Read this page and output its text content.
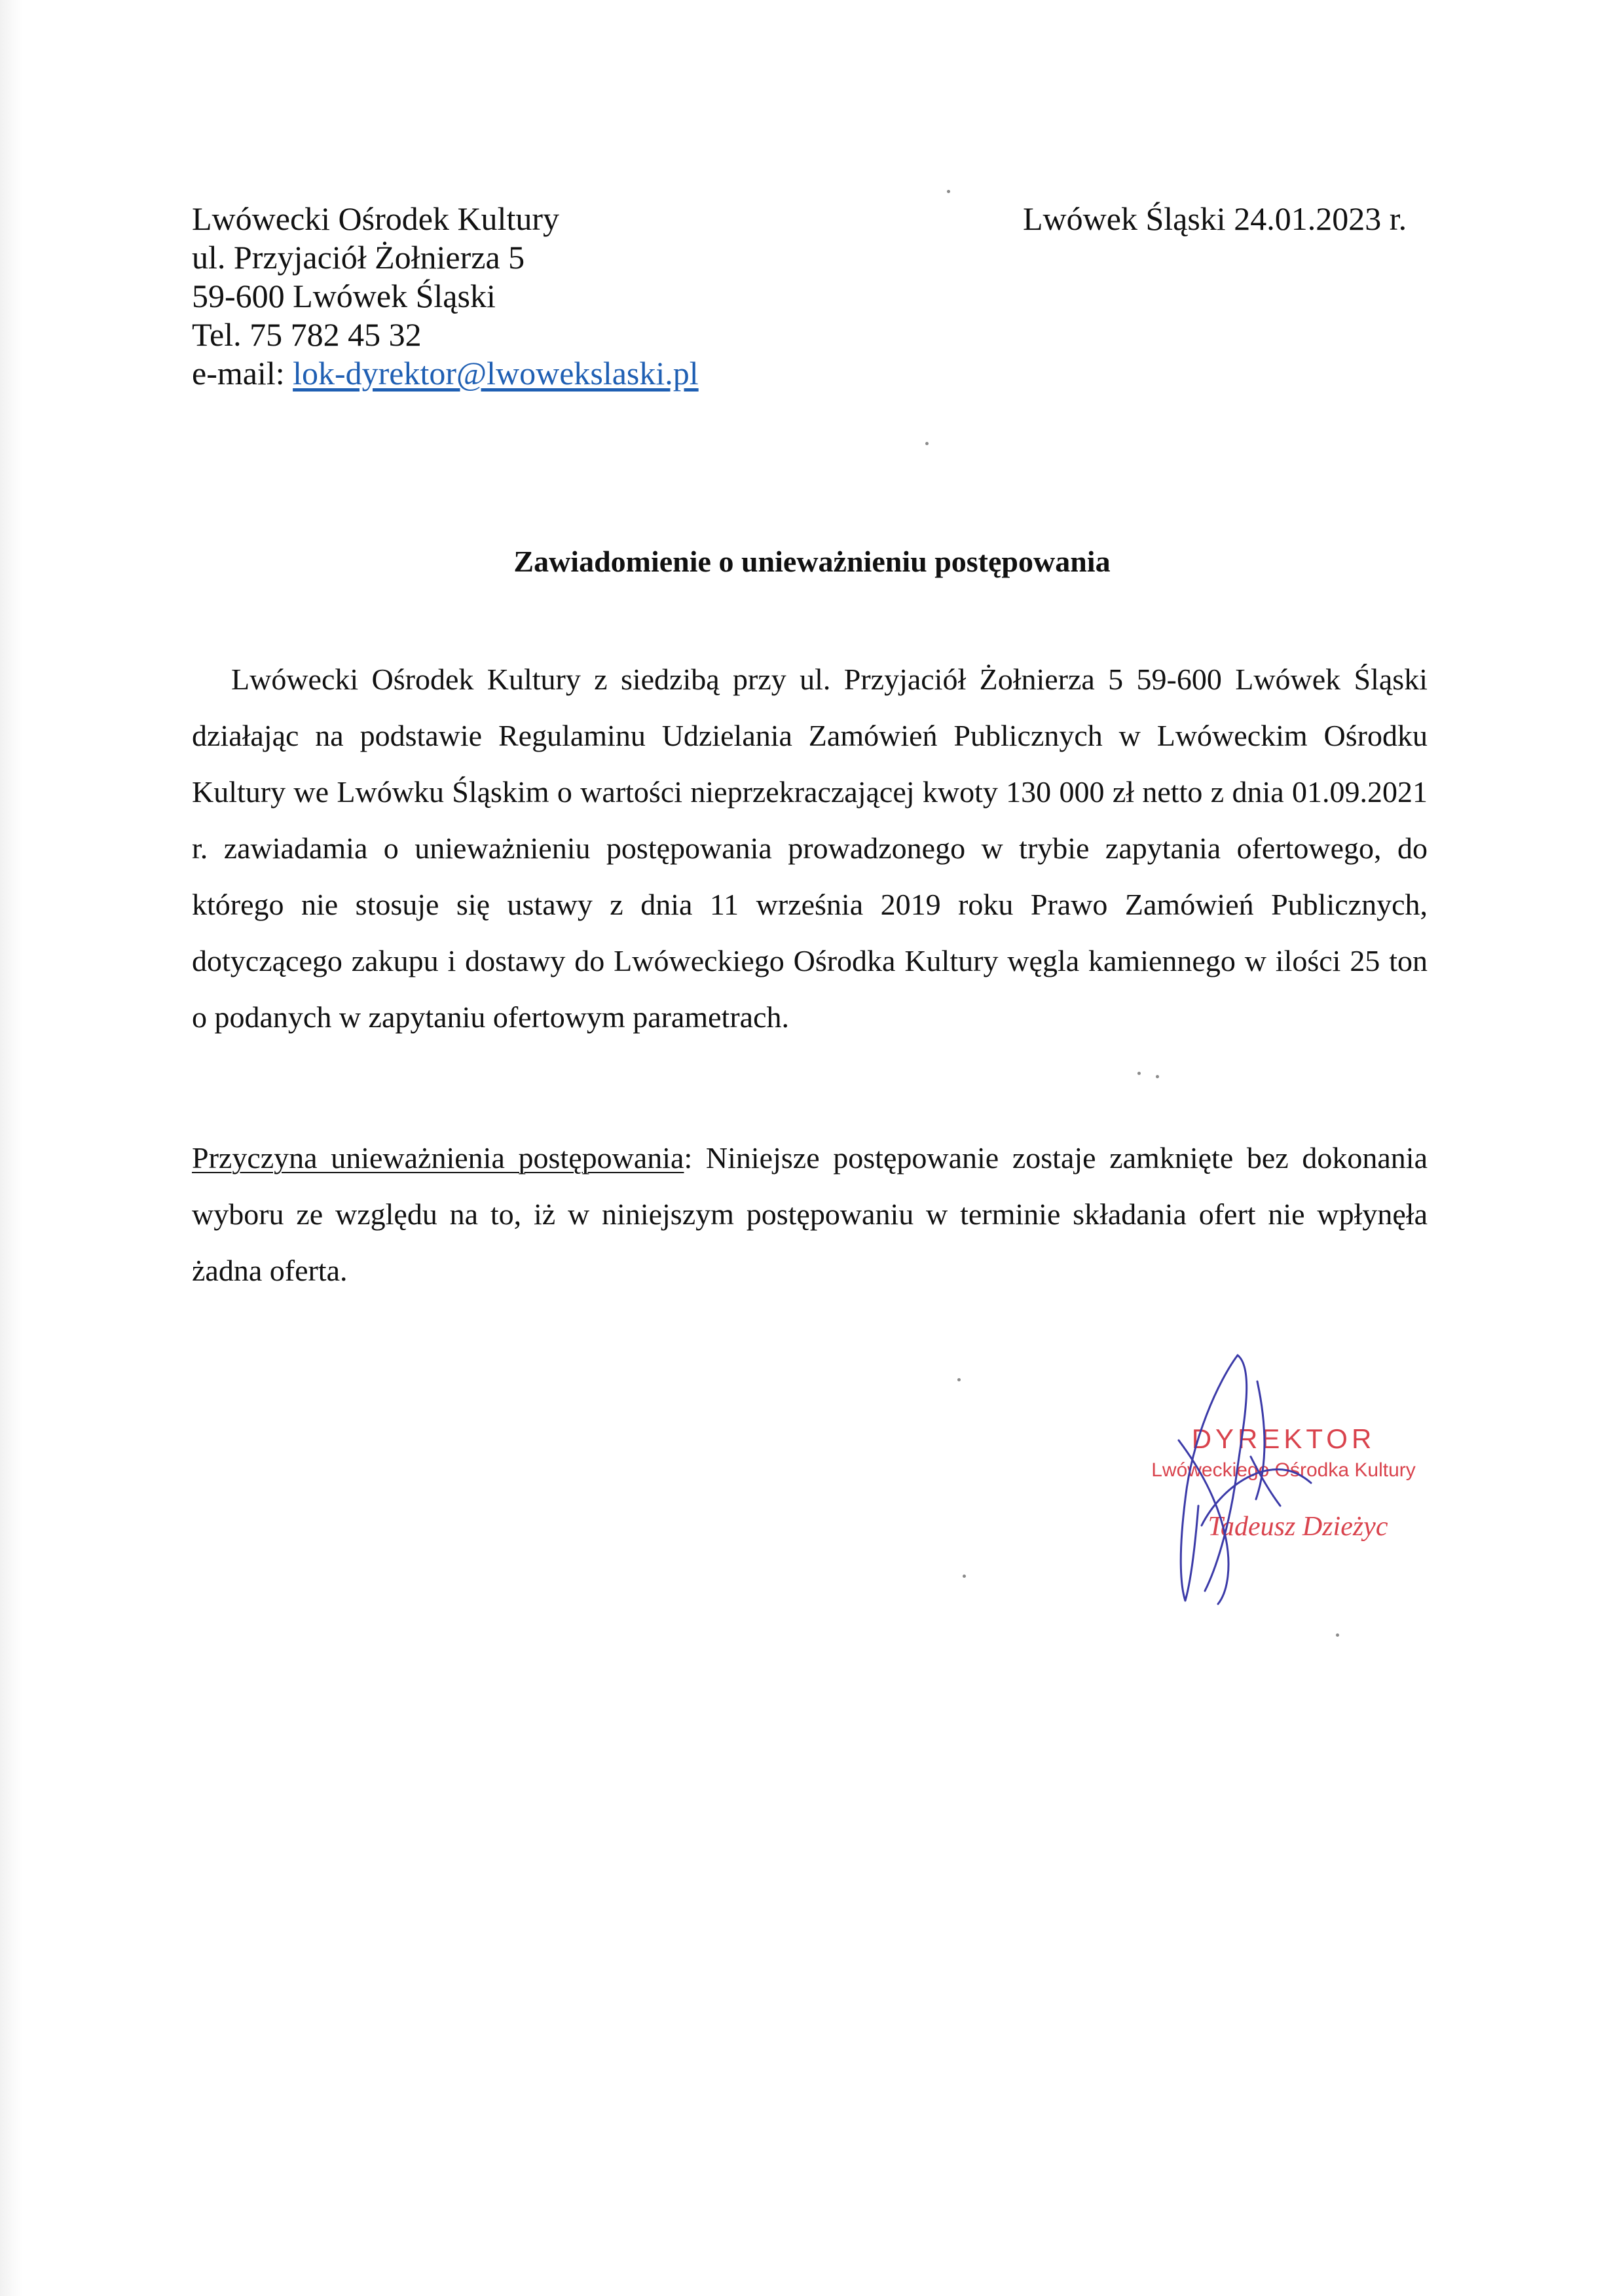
Lwówecki Ośrodek Kultury
ul. Przyjaciół Żołnierza 5
59-600 Lwówek Śląski
Tel. 75 782 45 32
e-mail: lok-dyrektor@lwowekslaski.pl
Lwówek Śląski 24.01.2023 r.
Zawiadomienie o unieważnieniu postępowania
Lwówecki Ośrodek Kultury z siedzibą przy ul. Przyjaciół Żołnierza 5 59-600 Lwówek Śląski działając na podstawie Regulaminu Udzielania Zamówień Publicznych w Lwóweckim Ośrodku Kultury we Lwówku Śląskim o wartości nieprzekraczającej kwoty 130 000 zł netto z dnia 01.09.2021 r. zawiadamia o unieważnieniu postępowania prowadzonego w trybie zapytania ofertowego, do którego nie stosuje się ustawy z dnia 11 września 2019 roku Prawo Zamówień Publicznych, dotyczącego zakupu i dostawy do Lwóweckiego Ośrodka Kultury węgla kamiennego w ilości 25 ton o podanych w zapytaniu ofertowym parametrach.
Przyczyna unieważnienia postępowania: Niniejsze postępowanie zostaje zamknięte bez dokonania wyboru ze względu na to, iż w niniejszym postępowaniu w terminie składania ofert nie wpłynęła żadna oferta.
DYREKTOR
Lwóweckiego Ośrodka Kultury
Tadeusz Dzieżyc
